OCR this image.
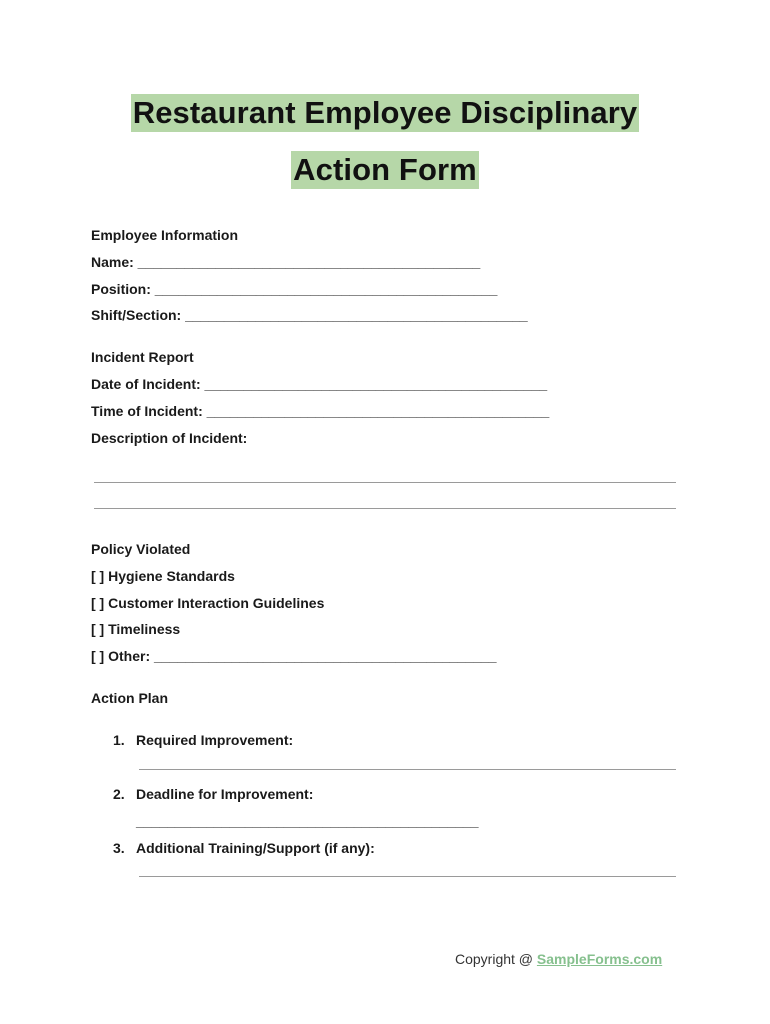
Restaurant Employee Disciplinary
Action Form
Employee Information
Name: ____________________________________________
Position: ____________________________________________
Shift/Section: ____________________________________________
Incident Report
Date of Incident: ____________________________________________
Time of Incident: ____________________________________________
Description of Incident:
Policy Violated
[ ] Hygiene Standards
[ ] Customer Interaction Guidelines
[ ] Timeliness
[ ] Other: ____________________________________________
Action Plan
1. Required Improvement:
2. Deadline for Improvement:
____________________________________________
3. Additional Training/Support (if any):
Copyright @ SampleForms.com
